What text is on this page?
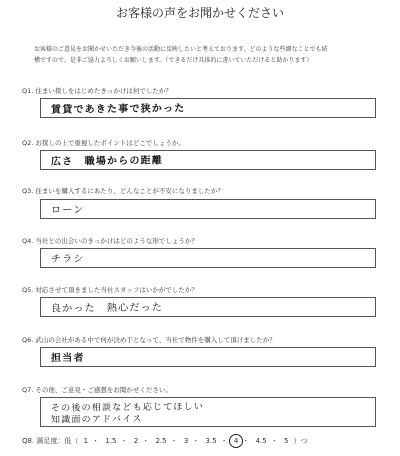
お客様の声をお聞かせください
お客様のご意見をお聞かせいただき今後の活動に反映したいと考えております。どのような些細なことでも結
構ですので、是非ご協力よろしくお願いします。（できるだけ具体的に書いていただけると助かります）
Q1. 住まい探しをはじめたきっかけは何でしたか？
賃貸であきた事で狭かった
Q2. お探しの上で重視したポイントはどこでしょうか。
広さ　職場からの距離
Q3. 住まいを購入するにあたり、どんなことが不安になりましたか？
ローン
Q4. 当社との出会いのきっかけはどのような形でしょうか？
チラシ
Q5. 対応させて頂きました当社スタッフはいかがでしたか？
良かった　熱心だった
Q6. 武山の会社がある中で何が決め手となって、当社で物件を購入して頂けましたか？
担当者
Q7. その他、ご意見・ご感想をお聞かせください。
その後の相談なども応じてほしい
知識面のアドバイス
Q8. 満足度：低（ 1 ・ 1.5 ・ 2 ・ 2.5 ・ 3 ・ 3.5 ・ 4 ・ 4.5 ・ 5 ）つ
